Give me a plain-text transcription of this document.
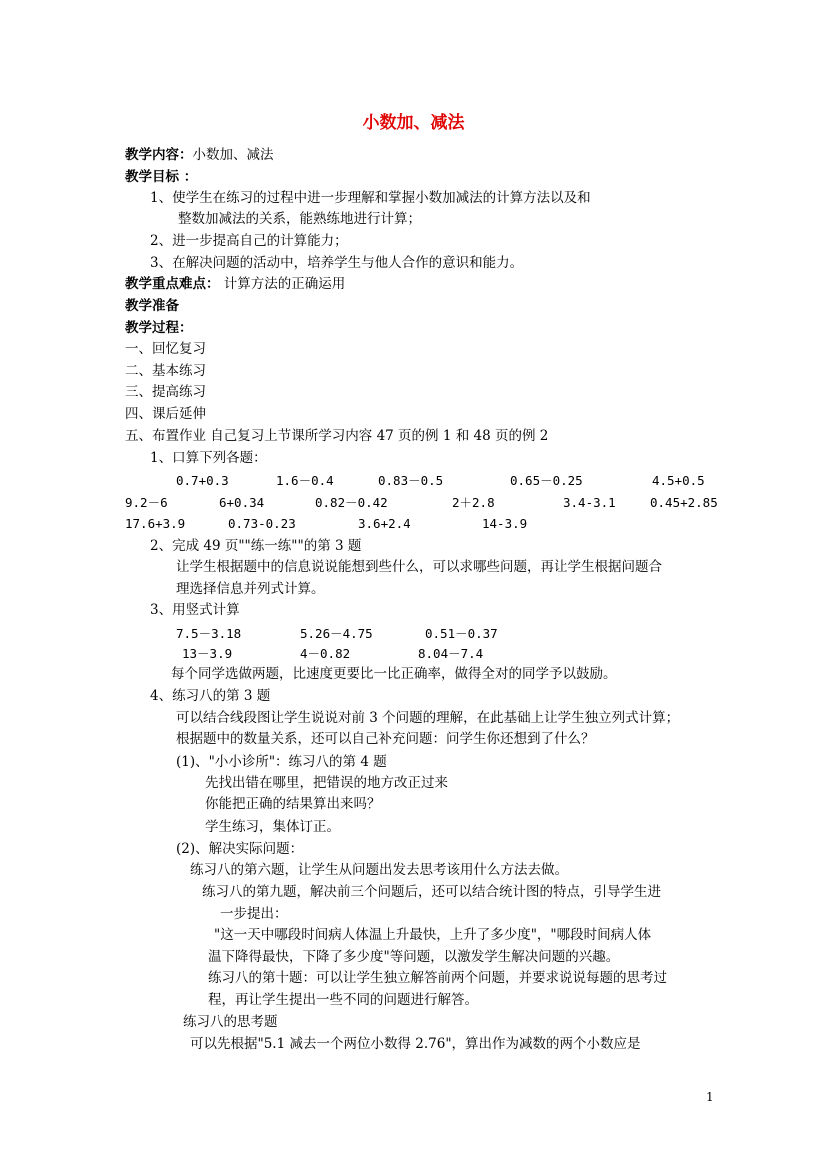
小数加、减法
教学内容：小数加、减法
教学目标 ：
1、使学生在练习的过程中进一步理解和掌握小数加减法的计算方法以及和
整数加减法的关系，能熟练地进行计算；
2、进一步提高自己的计算能力；
3、在解决问题的活动中，培养学生与他人合作的意识和能力。
教学重点难点： 计算方法的正确运用
教学准备
教学过程：
一、回忆复习
二、基本练习
三、提高练习
四、课后延伸
五、布置作业 自己复习上节课所学习内容 47 页的例 1 和 48 页的例 2
1、口算下列各题：
0.7+0.3	1.6－0.4	0.83－0.5	0.65－0.25	4.5+0.5
9.2－6	6+0.34	0.82－0.42	2＋2.8	3.4-3.1	0.45+2.85
17.6+3.9	0.73-0.23	3.6+2.4	14-3.9
2、完成 49 页""练一练""的第 3 题
让学生根据题中的信息说说能想到些什么，可以求哪些问题，再让学生根据问题合
理选择信息并列式计算。
3、用竖式计算
7.5－3.18	5.26－4.75	0.51－0.37
13－3.9	4－0.82	8.04－7.4
每个同学选做两题，比速度更要比一比正确率，做得全对的同学予以鼓励。
4、练习八的第 3 题
可以结合线段图让学生说说对前 3 个问题的理解，在此基础上让学生独立列式计算；
根据题中的数量关系，还可以自己补充问题：问学生你还想到了什么？
(1)、"小小诊所"：练习八的第 4 题
先找出错在哪里，把错误的地方改正过来
你能把正确的结果算出来吗？
学生练习，集体订正。
(2)、解决实际问题：
练习八的第六题，让学生从问题出发去思考该用什么方法去做。
练习八的第九题，解决前三个问题后，还可以结合统计图的特点，引导学生进
一步提出：
"这一天中哪段时间病人体温上升最快，上升了多少度"，"哪段时间病人体
温下降得最快，下降了多少度"等问题，以激发学生解决问题的兴趣。
练习八的第十题：可以让学生独立解答前两个问题，并要求说说每题的思考过
程，再让学生提出一些不同的问题进行解答。
练习八的思考题
可以先根据"5.1 减去一个两位小数得 2.76"，算出作为减数的两个小数应是
1
